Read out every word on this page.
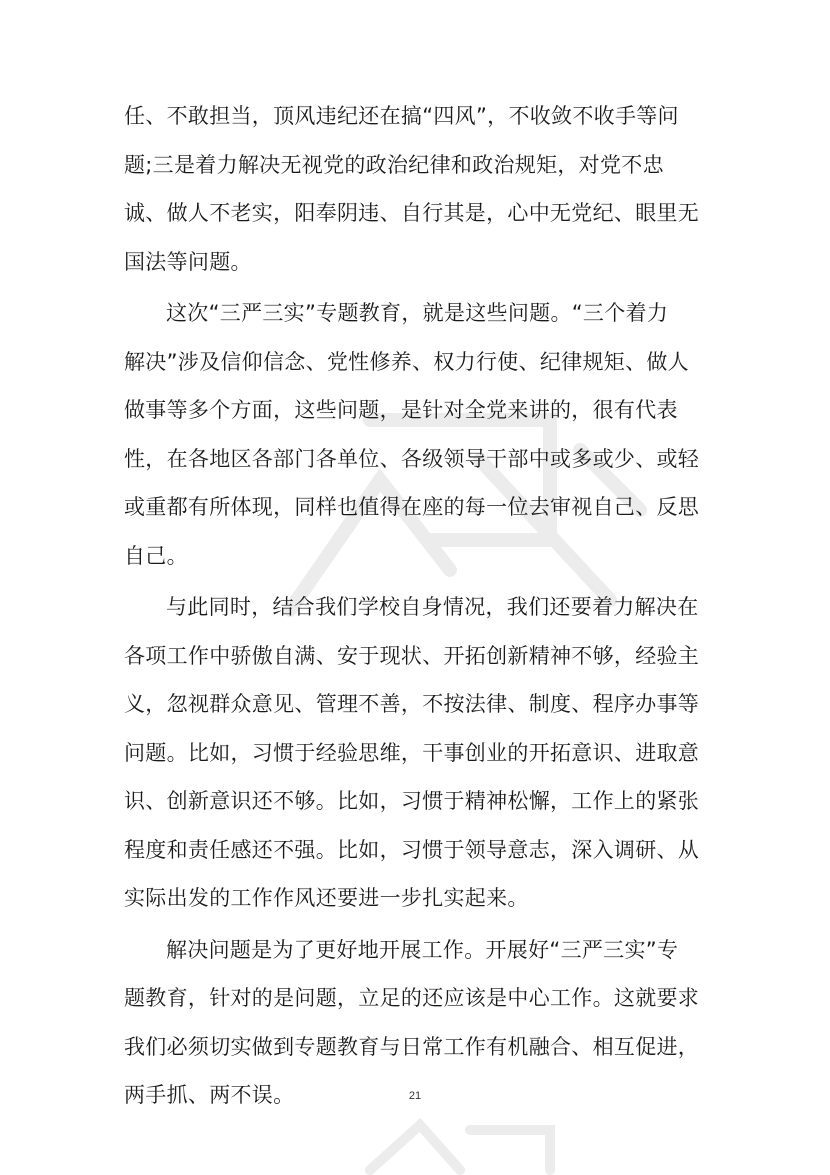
任、不敢担当，顶风违纪还在搞“四风”，不收敛不收手等问
题;三是着力解决无视党的政治纪律和政治规矩，对党不忠
诚、做人不老实，阳奉阴违、自行其是，心中无党纪、眼里无
国法等问题。
这次“三严三实”专题教育，就是这些问题。“三个着力
解决”涉及信仰信念、党性修养、权力行使、纪律规矩、做人
做事等多个方面，这些问题，是针对全党来讲的，很有代表
性，在各地区各部门各单位、各级领导干部中或多或少、或轻
或重都有所体现，同样也值得在座的每一位去审视自己、反思
自己。
与此同时，结合我们学校自身情况，我们还要着力解决在
各项工作中骄傲自满、安于现状、开拓创新精神不够，经验主
义，忽视群众意见、管理不善，不按法律、制度、程序办事等
问题。比如，习惯于经验思维，干事创业的开拓意识、进取意
识、创新意识还不够。比如，习惯于精神松懈，工作上的紧张
程度和责任感还不强。比如，习惯于领导意志，深入调研、从
实际出发的工作作风还要进一步扎实起来。
解决问题是为了更好地开展工作。开展好“三严三实”专
题教育，针对的是问题，立足的还应该是中心工作。这就要求
我们必须切实做到专题教育与日常工作有机融合、相互促进，
两手抓、两不误。	21
